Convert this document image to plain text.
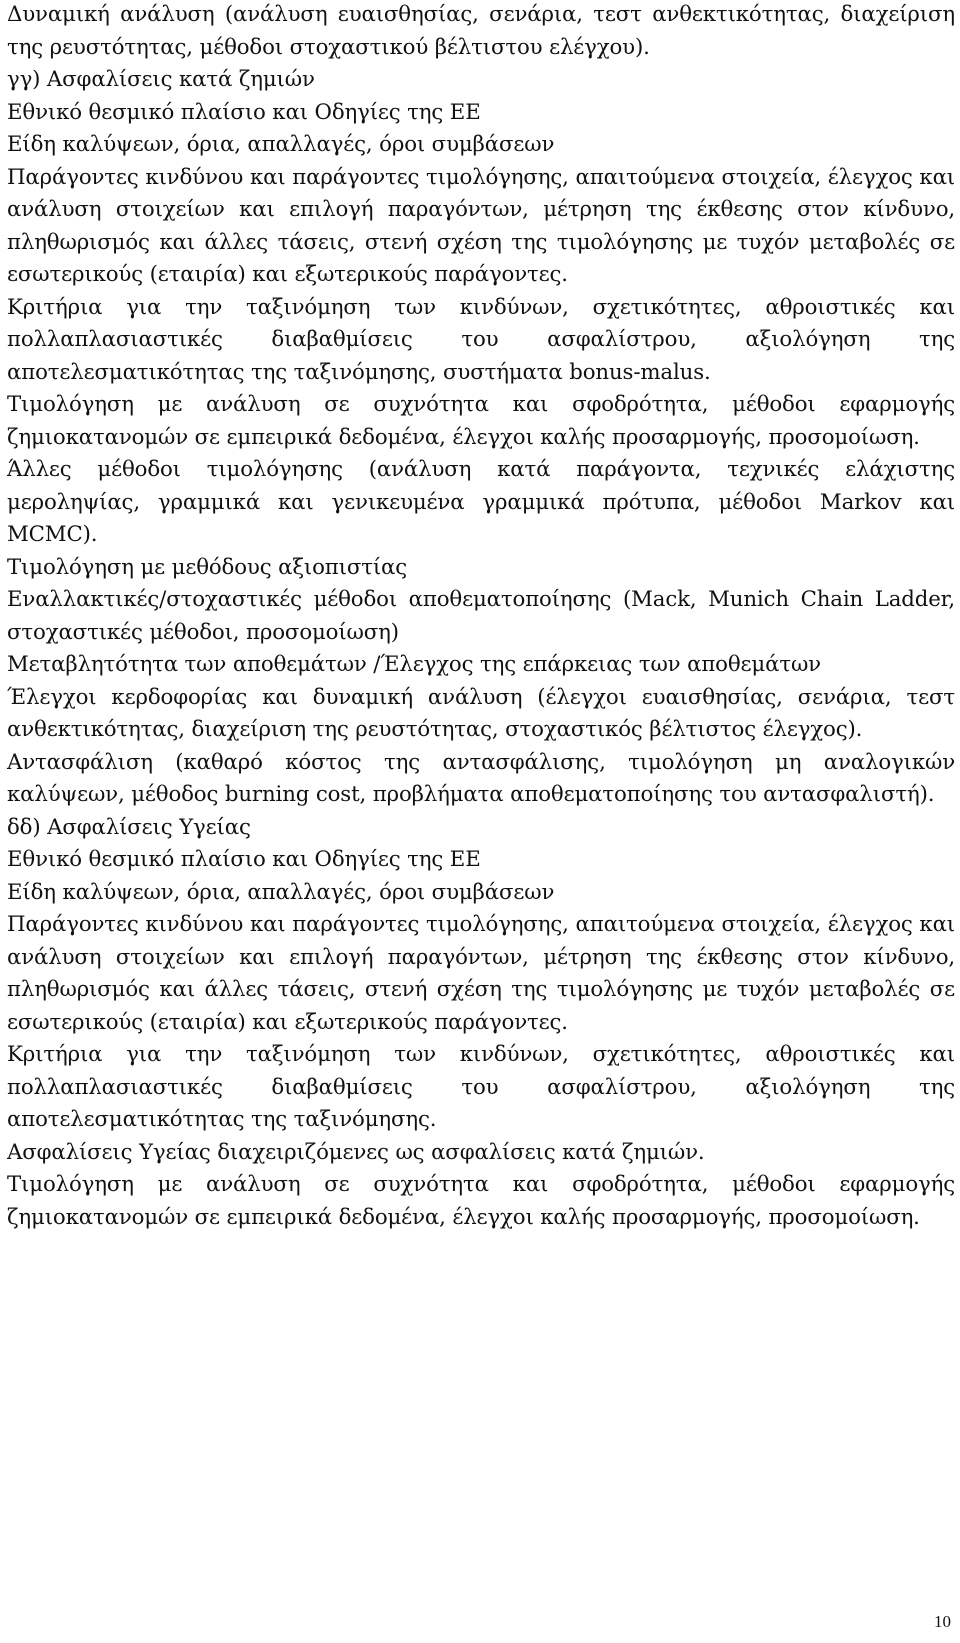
Δυναμική ανάλυση (ανάλυση ευαισθησίας, σενάρια, τεστ ανθεκτικότητας, διαχείριση της ρευστότητας, μέθοδοι στοχαστικού βέλτιστου ελέγχου).

γγ) Ασφαλίσεις κατά ζημιών

Εθνικό θεσμικό πλαίσιο και Οδηγίες της ΕΕ

Είδη καλύψεων, όρια, απαλλαγές, όροι συμβάσεων

Παράγοντες κινδύνου και παράγοντες τιμολόγησης, απαιτούμενα στοιχεία, έλεγχος και ανάλυση στοιχείων και επιλογή παραγόντων, μέτρηση της έκθεσης στον κίνδυνο, πληθωρισμός και άλλες τάσεις, στενή σχέση της τιμολόγησης με τυχόν μεταβολές σε εσωτερικούς (εταιρία) και εξωτερικούς παράγοντες.

Κριτήρια για την ταξινόμηση των κινδύνων, σχετικότητες, αθροιστικές και πολλαπλασιαστικές διαβαθμίσεις του ασφαλίστρου, αξιολόγηση της αποτελεσματικότητας της ταξινόμησης, συστήματα bonus-malus.

Τιμολόγηση με ανάλυση σε συχνότητα και σφοδρότητα, μέθοδοι εφαρμογής ζημιοκατανομών σε εμπειρικά δεδομένα, έλεγχοι καλής προσαρμογής, προσομοίωση.

Άλλες μέθοδοι τιμολόγησης (ανάλυση κατά παράγοντα, τεχνικές ελάχιστης μεροληψίας, γραμμικά και γενικευμένα γραμμικά πρότυπα, μέθοδοι Markov και MCMC).

Τιμολόγηση με μεθόδους αξιοπιστίας

Εναλλακτικές/στοχαστικές μέθοδοι αποθεματοποίησης (Mack, Munich Chain Ladder, στοχαστικές μέθοδοι, προσομοίωση)

Μεταβλητότητα των αποθεμάτων /Έλεγχος της επάρκειας των αποθεμάτων

Έλεγχοι κερδοφορίας και δυναμική ανάλυση (έλεγχοι ευαισθησίας, σενάρια, τεστ ανθεκτικότητας, διαχείριση της ρευστότητας, στοχαστικός βέλτιστος έλεγχος).

Αντασφάλιση (καθαρό κόστος της αντασφάλισης, τιμολόγηση μη αναλογικών καλύψεων, μέθοδος burning cost, προβλήματα αποθεματοποίησης του αντασφαλιστή).

δδ) Ασφαλίσεις Υγείας

Εθνικό θεσμικό πλαίσιο και Οδηγίες της ΕΕ

Είδη καλύψεων, όρια, απαλλαγές, όροι συμβάσεων

Παράγοντες κινδύνου και παράγοντες τιμολόγησης, απαιτούμενα στοιχεία, έλεγχος και ανάλυση στοιχείων και επιλογή παραγόντων, μέτρηση της έκθεσης στον κίνδυνο, πληθωρισμός και άλλες τάσεις, στενή σχέση της τιμολόγησης με τυχόν μεταβολές σε εσωτερικούς (εταιρία) και εξωτερικούς παράγοντες.

Κριτήρια για την ταξινόμηση των κινδύνων, σχετικότητες, αθροιστικές και πολλαπλασιαστικές διαβαθμίσεις του ασφαλίστρου, αξιολόγηση της αποτελεσματικότητας της ταξινόμησης.

Ασφαλίσεις Υγείας διαχειριζόμενες ως ασφαλίσεις κατά ζημιών.

Τιμολόγηση με ανάλυση σε συχνότητα και σφοδρότητα, μέθοδοι εφαρμογής ζημιοκατανομών σε εμπειρικά δεδομένα, έλεγχοι καλής προσαρμογής, προσομοίωση.

10
